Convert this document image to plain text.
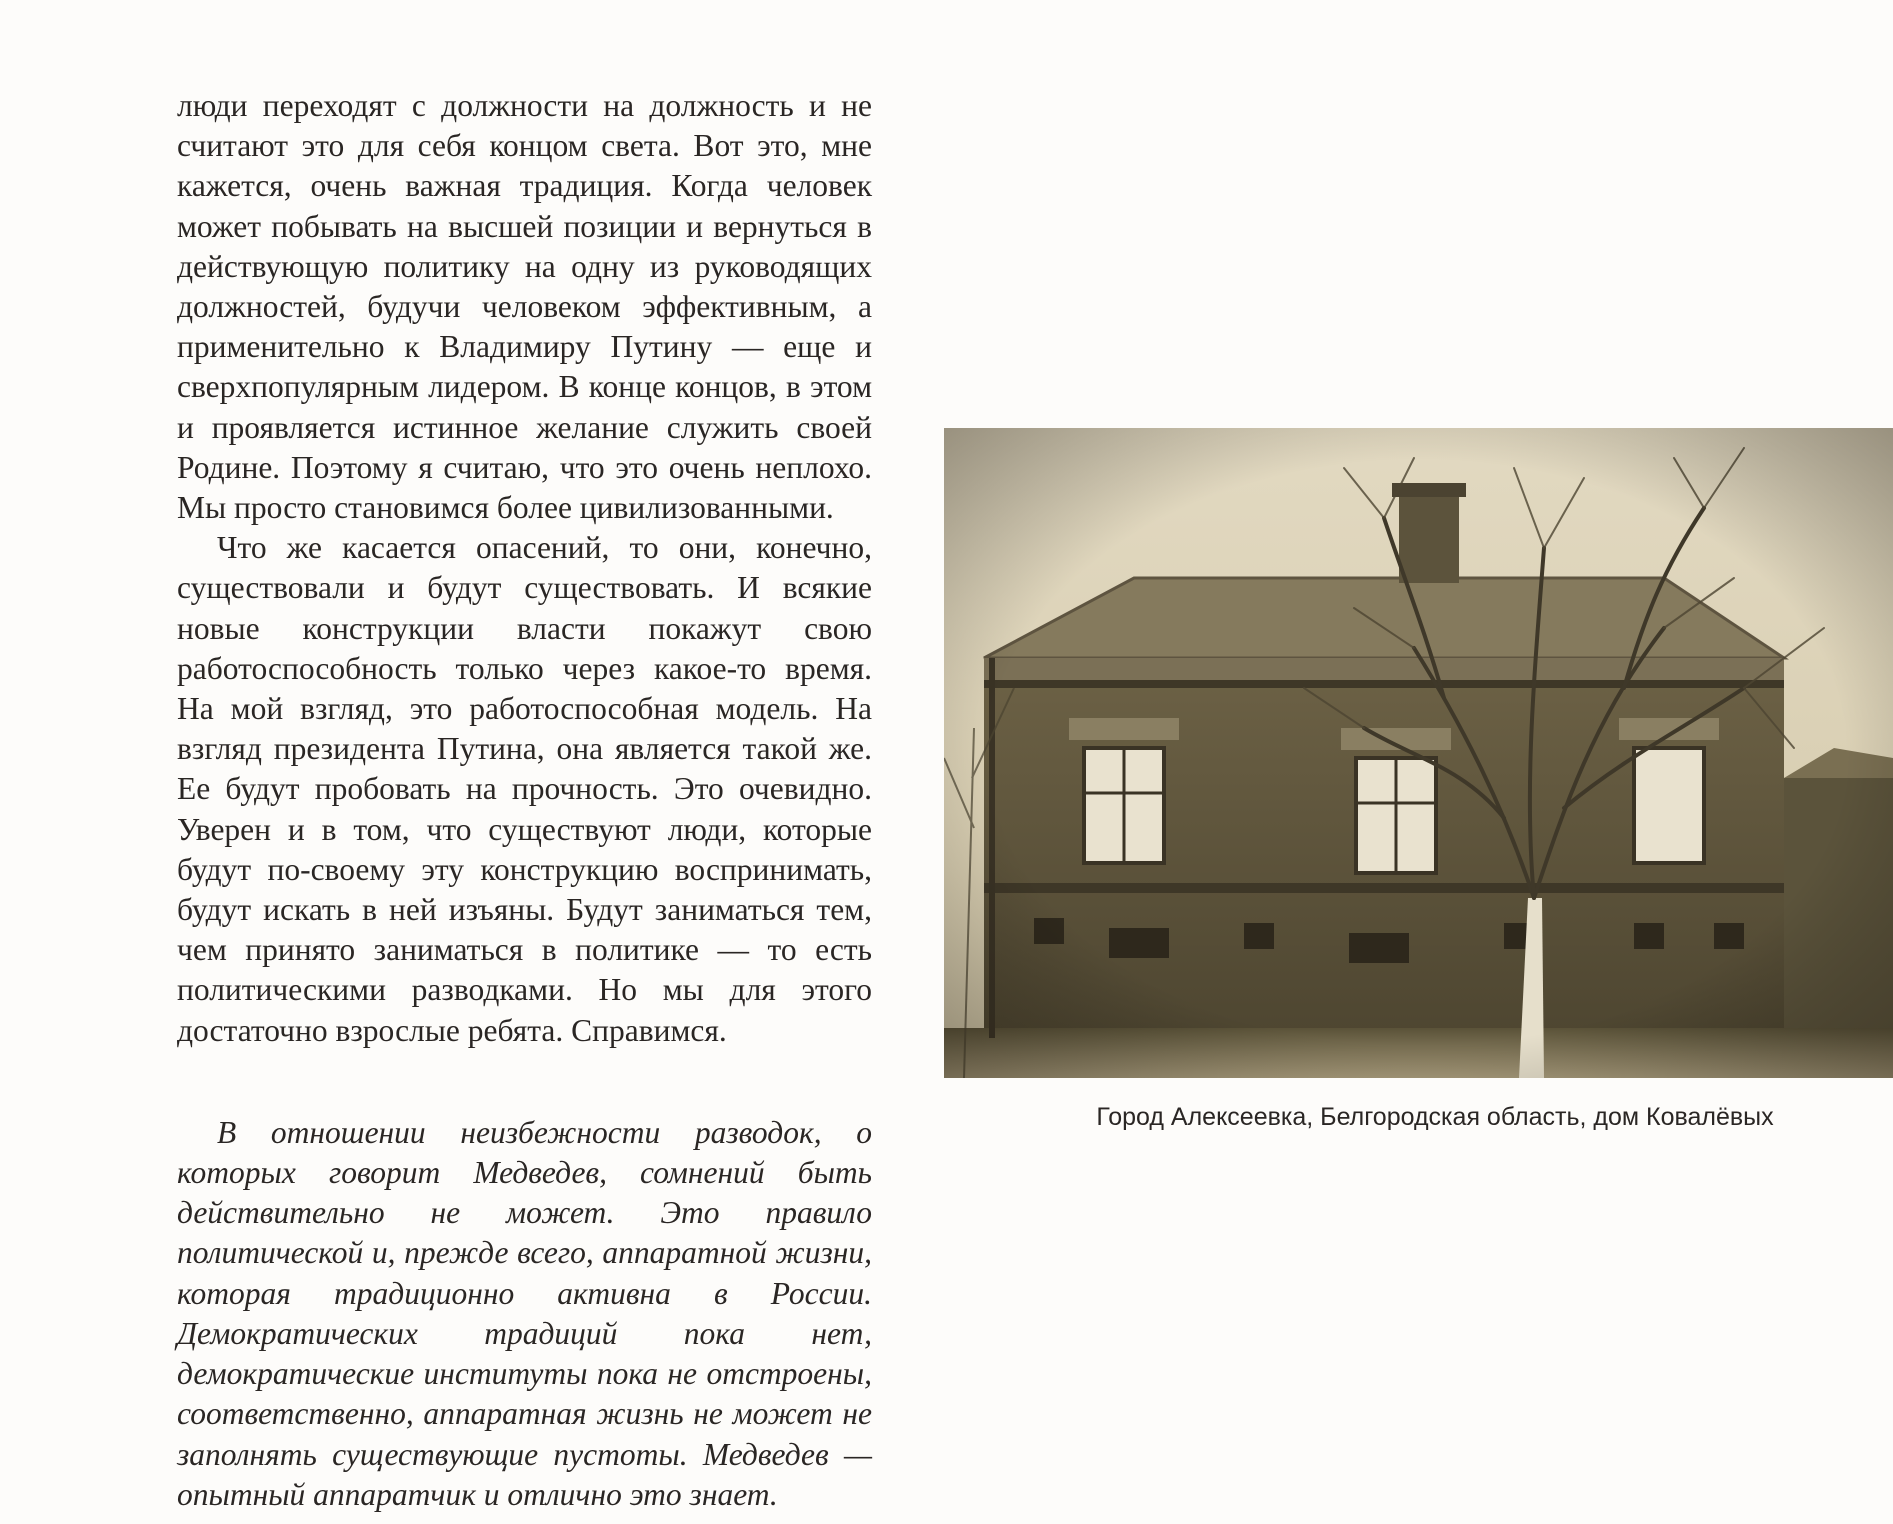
люди переходят с должности на должность и не считают это для себя концом света. Вот это, мне кажется, очень важная традиция. Когда человек может побывать на высшей позиции и вернуться в действующую политику на одну из руководящих должностей, будучи человеком эффективным, а применительно к Владимиру Путину — еще и сверхпопулярным лидером. В конце концов, в этом и проявляется истинное желание служить своей Родине. Поэтому я считаю, что это очень неплохо. Мы просто становимся более цивилизованными.

Что же касается опасений, то они, конечно, существовали и будут существовать. И всякие новые конструкции власти покажут свою работоспособность только через какое-то время. На мой взгляд, это работоспособная модель. На взгляд президента Путина, она является такой же. Ее будут пробовать на прочность. Это очевидно. Уверен и в том, что существуют люди, которые будут по-своему эту конструкцию воспринимать, будут искать в ней изъяны. Будут заниматься тем, чем принято заниматься в политике — то есть политическими разводками. Но мы для этого достаточно взрослые ребята. Справимся.

В отношении неизбежности разводок, о которых говорит Медведев, сомнений быть действительно не может. Это правило политической и, прежде всего, аппаратной жизни, которая традиционно активна в России. Демократических традиций пока нет, демократические институты пока не отстроены, соответственно, аппаратная жизнь не может не заполнять существующие пустоты. Медведев — опытный аппаратчик и отлично это знает.

Город Алексеевка, Белгородская область, дом Ковалёвых
